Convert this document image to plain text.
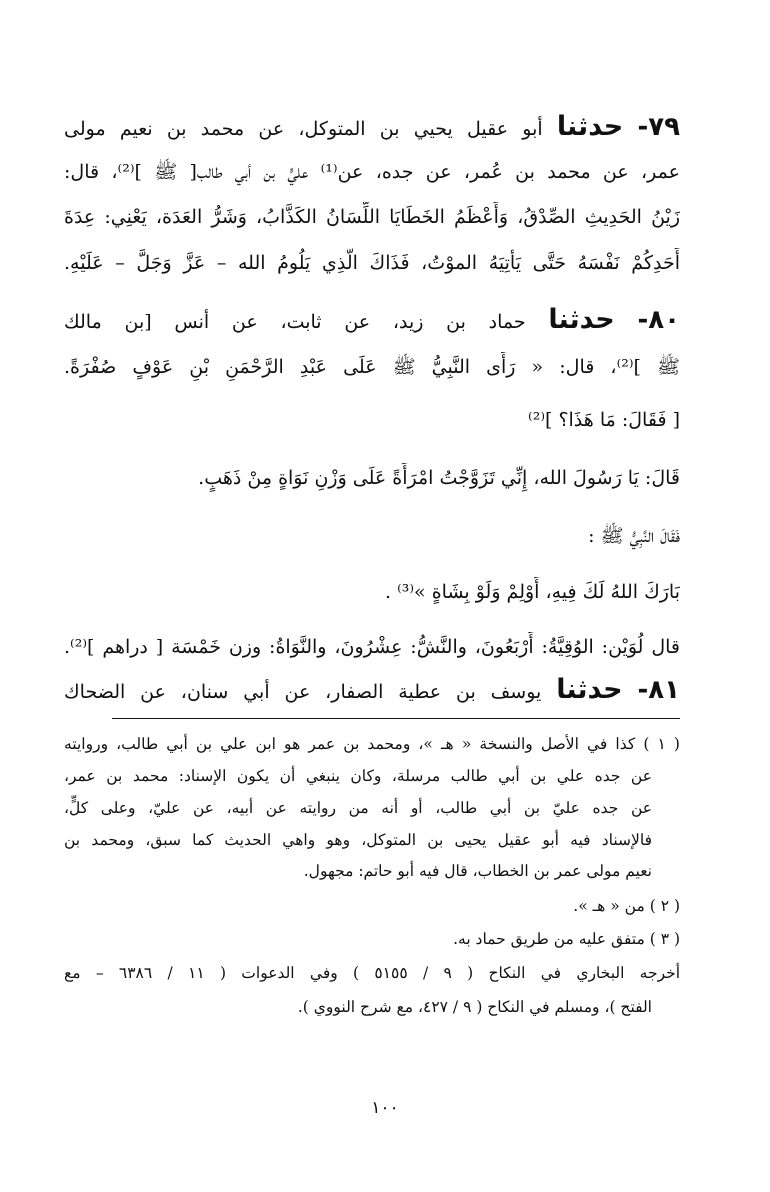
٧٩- حدثنا أبو عقيل يحيي بن المتوكل، عن محمد بن نعيم مولى
عمر، عن محمد بن عُمر، عن جده، عن⁽¹⁾ عليٍّ بن أبي طالب[ ﷺ ]⁽²⁾، قال:
زَيْنُ الحَدِيثِ الصِّدْقُ، وَأَعْظَمُ الخَطَايَا اللِّسَانُ الكَذَّابُ، وَشَرُّ العَدَة، يَعْنِي: عِدَةَ
أَحَدِكُمْ نَفْسَهُ حَتَّى يَأْتِيَهُ الموْتُ، فَذَاكَ الَّذِي يَلُومُ الله – عَزَّ وَجَلَّ – عَلَيْهِ.
٨٠- حدثنا حماد بن زيد، عن ثابت، عن أنس [بن مالك
ﷺ ]⁽²⁾، قال: « رَأَى النَّبِيُّ ﷺ عَلَى عَبْدِ الرَّحْمَنِ بْنِ عَوْفٍ صُفْرَةً.
[ فَقَالَ: مَا هَذَا؟ ]⁽²⁾
قَالَ: يَا رَسُولَ الله، إِنِّي تَزَوَّجْتُ امْرَأَةً عَلَى وَزْنِ نَوَاةٍ مِنْ ذَهَبٍ.
فَقَالَ النَّبِيُّ ﷺ :
بَارَكَ اللهُ لَكَ فِيهِ، أَوْلِمْ وَلَوْ بِشَاةٍ »⁽³⁾ .
قال لُوَيْن: الوُقِيَّةُ: أَرْبَعُونَ، والنَّشُّ: عِشْرُونَ، والنَّوَاةُ: وزن خَمْسَة [ دراهم ]⁽²⁾.
٨١- حدثنا يوسف بن عطية الصفار، عن أبي سنان، عن الضحاك
( ١ ) كذا في الأصل والنسخة « هـ »، ومحمد بن عمر هو ابن علي بن أبي طالب، وروايته
عن جده علي بن أبي طالب مرسلة، وكان ينبغي أن يكون الإسناد: محمد بن عمر،
عن جده عليّ بن أبي طالب، أو أنه من روايته عن أبيه، عن عليّ، وعلى كلٍّ،
فالإسناد فيه أبو عقيل يحيى بن المتوكل، وهو واهي الحديث كما سبق، ومحمد بن
نعيم مولى عمر بن الخطاب، قال فيه أبو حاتم: مجهول.
( ٢ ) من « هـ ».
( ٣ ) متفق عليه من طريق حماد به.
أخرجه البخاري في النكاح ( ٩ / ٥١٥٥ ) وفي الدعوات ( ١١ / ٦٣٨٦ – مع
الفتح )، ومسلم في النكاح ( ٩ / ٤٢٧، مع شرح النووي ).
١٠٠
